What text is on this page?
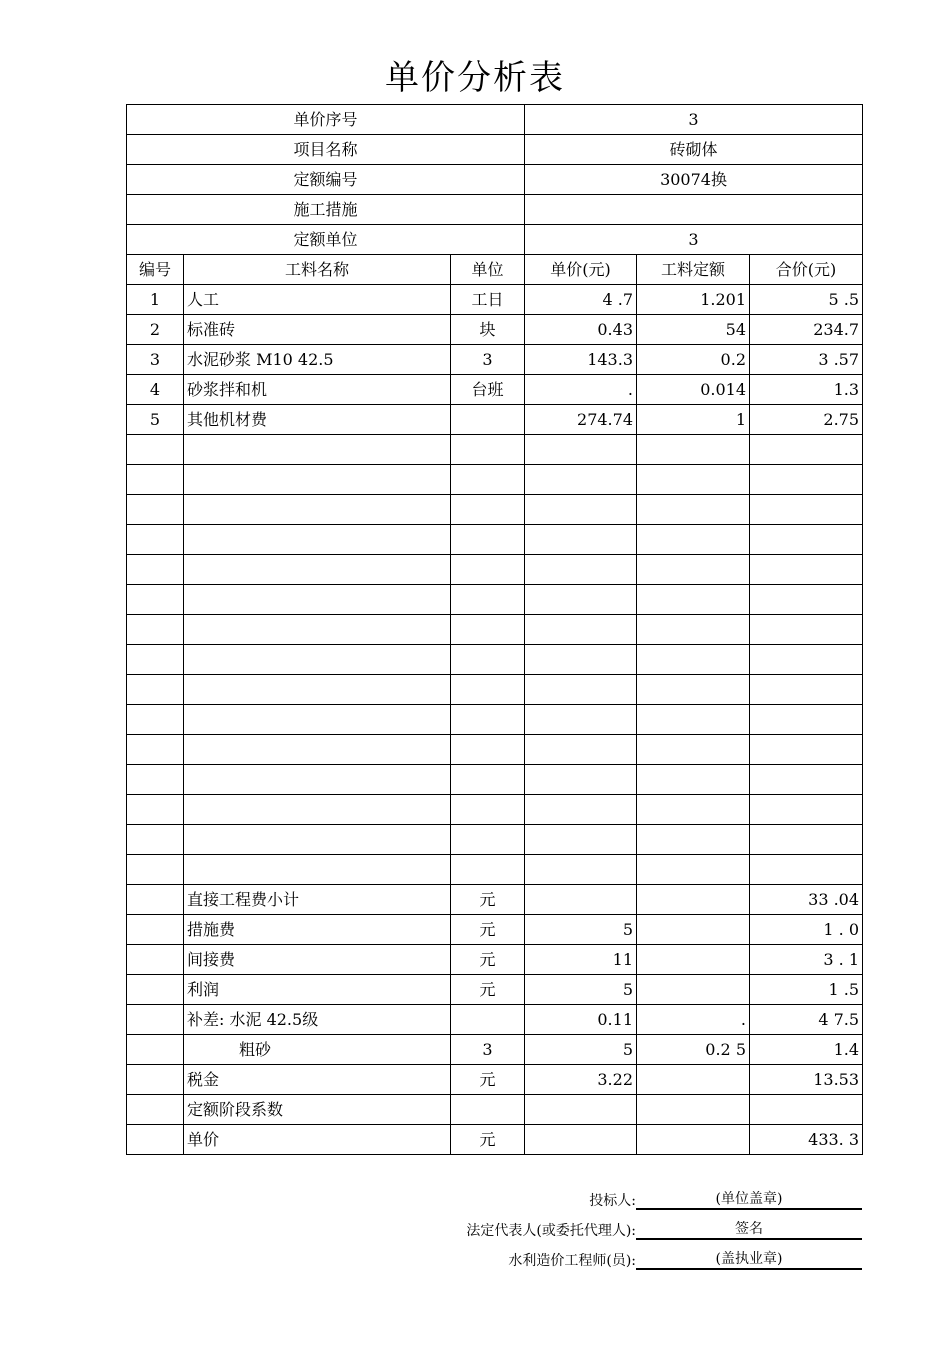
单价分析表
单价序号			3		
项目名称			砖砌体		
定额编号			30074换		
施工措施					
定额单位			3		
编号	工料名称	单位	单价(元)	工料定额	合价(元)
1	人工	工日	4 .7	1.201	5 .5
2	标准砖	块	0.43	54	234.7
3	水泥砂浆 M10 42.5	3	143.3	0.2	3 .57
4	砂浆拌和机	台班	.	0.014	1.3
5	其他机材费		274.74	1	2.75

	直接工程费小计	元			33 .04
	措施费	元	5		1 . 0
	间接费	元	11		3 . 1
	利润	元	5		1 .5
	补差: 水泥 42.5级		0.11	.	4 7.5
	粗砂	3	5	0.2 5	1.4
	税金	元	3.22		13.53
	定额阶段系数				
	单价	元			433. 3
投标人:	(单位盖章)
法定代表人(或委托代理人):	签名
水利造价工程师(员):	(盖执业章)
